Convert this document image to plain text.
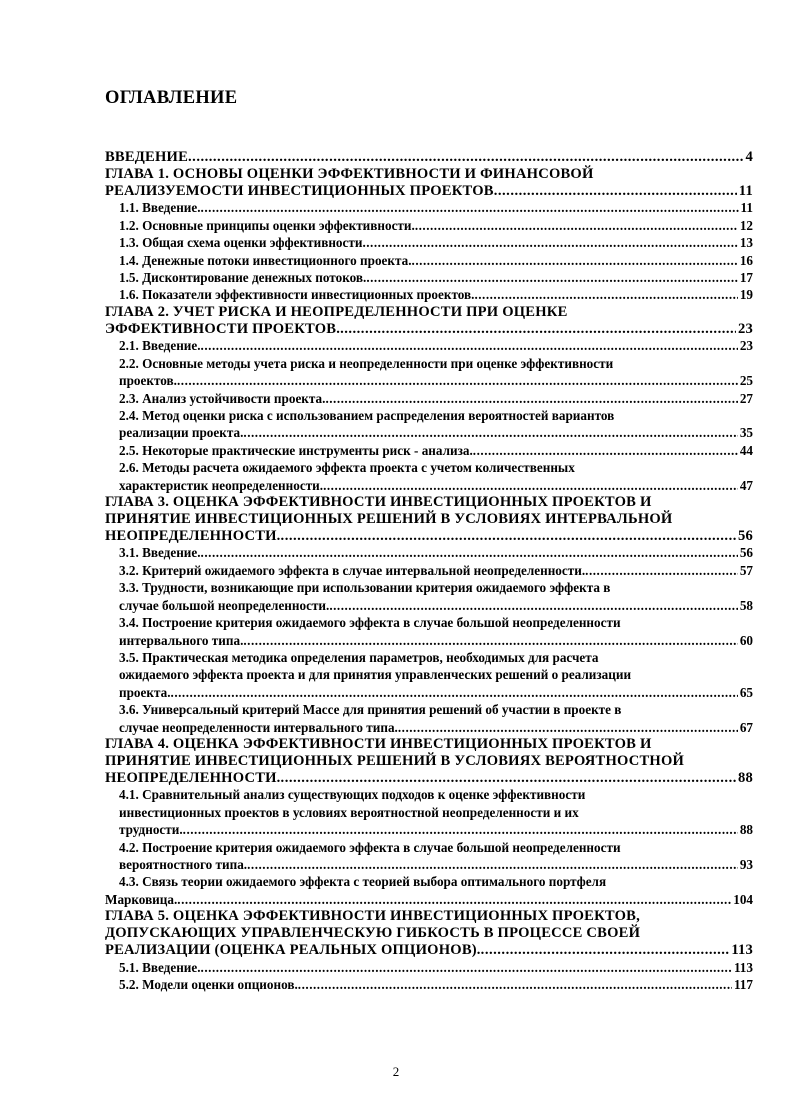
ОГЛАВЛЕНИЕ
ВВЕДЕНИЕ .....	4
ГЛАВА 1. ОСНОВЫ ОЦЕНКИ ЭФФЕКТИВНОСТИ И ФИНАНСОВОЙ
РЕАЛИЗУЕМОСТИ ИНВЕСТИЦИОННЫХ ПРОЕКТОВ .....	11
1.1. Введение. .....	11
1.2. Основные принципы оценки эффективности. .....	12
1.3. Общая схема оценки эффективности .....	13
1.4. Денежные потоки инвестиционного проекта. .....	16
1.5. Дисконтирование денежных потоков. .....	17
1.6. Показатели эффективности инвестиционных проектов. .....	19
ГЛАВА 2. УЧЕТ РИСКА И НЕОПРЕДЕЛЕННОСТИ ПРИ ОЦЕНКЕ
ЭФФЕКТИВНОСТИ ПРОЕКТОВ. .....	23
2.1. Введение. .....	23
2.2. Основные методы учета риска и неопределенности при оценке эффективности
проектов. .....	25
2.3. Анализ устойчивости проекта. .....	27
2.4. Метод оценки риска с использованием распределения вероятностей вариантов
реализации проекта. .....	35
2.5. Некоторые практические инструменты риск - анализа. .....	44
2.6. Методы расчета ожидаемого эффекта проекта с учетом количественных
характеристик неопределенности. .....	47
ГЛАВА 3. ОЦЕНКА ЭФФЕКТИВНОСТИ ИНВЕСТИЦИОННЫХ ПРОЕКТОВ И
ПРИНЯТИЕ ИНВЕСТИЦИОННЫХ РЕШЕНИЙ В УСЛОВИЯХ ИНТЕРВАЛЬНОЙ
НЕОПРЕДЕЛЕННОСТИ. .....	56
3.1. Введение. .....	56
3.2. Критерий ожидаемого эффекта в случае интервальной неопределенности. .....	57
3.3. Трудности, возникающие при использовании критерия ожидаемого эффекта в
случае большой неопределенности. .....	58
3.4. Построение критерия ожидаемого эффекта в случае большой неопределенности
интервального типа. .....	60
3.5. Практическая методика определения параметров, необходимых для расчета
ожидаемого эффекта проекта и для принятия управленческих решений о реализации
проекта. .....	65
3.6. Универсальный критерий Массе для принятия решений об участии в проекте в
случае неопределенности интервального типа. .....	67
ГЛАВА 4. ОЦЕНКА ЭФФЕКТИВНОСТИ ИНВЕСТИЦИОННЫХ ПРОЕКТОВ И
ПРИНЯТИЕ ИНВЕСТИЦИОННЫХ РЕШЕНИЙ В УСЛОВИЯХ ВЕРОЯТНОСТНОЙ
НЕОПРЕДЕЛЕННОСТИ. .....	88
4.1. Сравнительный анализ существующих подходов к оценке эффективности
инвестиционных проектов в условиях вероятностной неопределенности и их
трудности. .....	88
4.2. Построение критерия ожидаемого эффекта в случае большой неопределенности
вероятностного типа. .....	93
4.3. Связь теории ожидаемого эффекта с теорией выбора оптимального портфеля
Марковица. .....	104
ГЛАВА 5. ОЦЕНКА ЭФФЕКТИВНОСТИ ИНВЕСТИЦИОННЫХ ПРОЕКТОВ,
ДОПУСКАЮЩИХ УПРАВЛЕНЧЕСКУЮ ГИБКОСТЬ В ПРОЦЕССЕ СВОЕЙ
РЕАЛИЗАЦИИ (ОЦЕНКА РЕАЛЬНЫХ ОПЦИОНОВ). .....	113
5.1. Введение. .....	113
5.2. Модели оценки опционов. .....	117
2
